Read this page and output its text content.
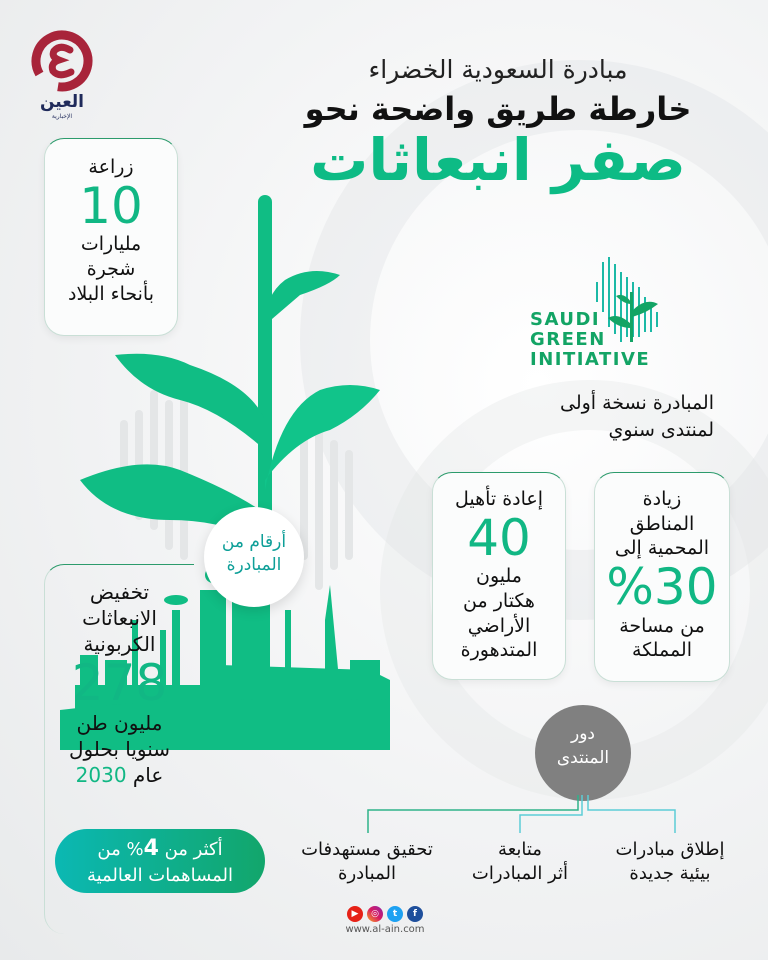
العين
الإخبارية
مبادرة السعودية الخضراء
خارطة طريق واضحة نحو
صفر انبعاثات
زراعة
10
مليارات
شجرة
بأنحاء البلاد
SAUDI
GREEN
INITIATIVE
المبادرة نسخة أولى
لمنتدى سنوي
أرقام من
المبادرة
إعادة تأهيل
40
مليون
هكتار من
الأراضي
المتدهورة
زيادة
المناطق
المحمية إلى
%30
من مساحة
المملكة
تخفيض
الانبعاثات
الكربونية
278
مليون طن
سنويا بحلول
عام 2030
أكثر من 4% من
المساهمات العالمية
دور
المنتدى
إطلاق مبادرات
بيئية جديدة
متابعة
أثر المبادرات
تحقيق مستهدفات
المبادرة
▶	◎	t	f
www.al-ain.com
